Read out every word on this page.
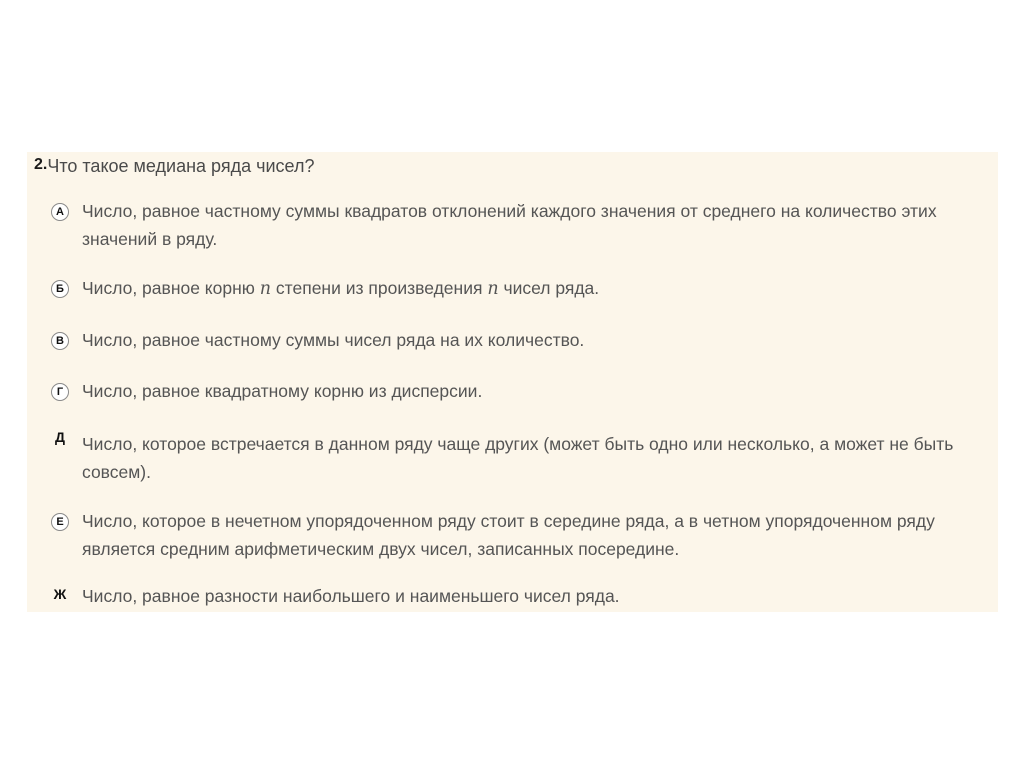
2.Что такое медиана ряда чисел?
А Число, равное частному суммы квадратов отклонений каждого значения от среднего на количество этих значений в ряду.
Б Число, равное корню n степени из произведения n чисел ряда.
В Число, равное частному суммы чисел ряда на их количество.
Г	Число, равное квадратному корню из дисперсии.
Д Число, которое встречается в данном ряду чаще других (может быть одно или несколько, а может не быть совсем).
Е	Число, которое в нечетном упорядоченном ряду стоит в середине ряда, а в четном упорядоченном ряду является средним арифметическим двух чисел, записанных посередине.
Ж Число, равное разности наибольшего и наименьшего чисел ряда.
